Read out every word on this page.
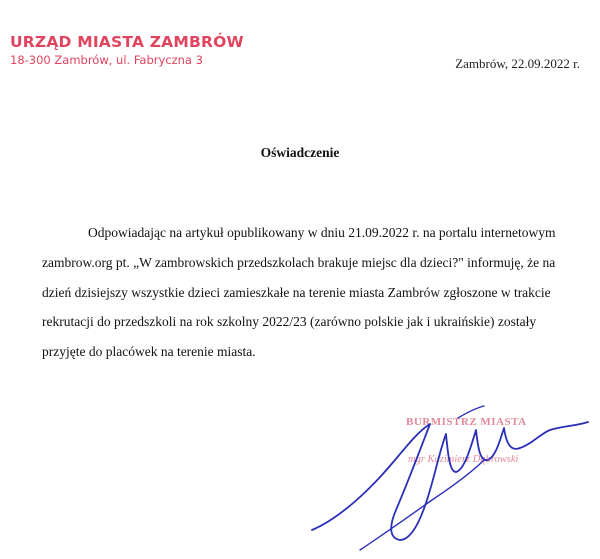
URZĄD MIASTA ZAMBRÓW
18-300 Zambrów, ul. Fabryczna 3	Zambrów, 22.09.2022 r.
Oświadczenie
Odpowiadając na artykuł opublikowany w dniu 21.09.2022 r. na portalu internetowym
zambrow.org pt. „W zambrowskich przedszkolach brakuje miejsc dla dzieci?" informuję, że na
dzień dzisiejszy wszystkie dzieci zamieszkałe na terenie miasta Zambrów zgłoszone w trakcie
rekrutacji do przedszkoli na rok szkolny 2022/23 (zarówno polskie jak i ukraińskie) zostały
przyjęte do placówek na terenie miasta.
BURMISTRZ MIASTA
mgr Kazimierz Dąbrowski
